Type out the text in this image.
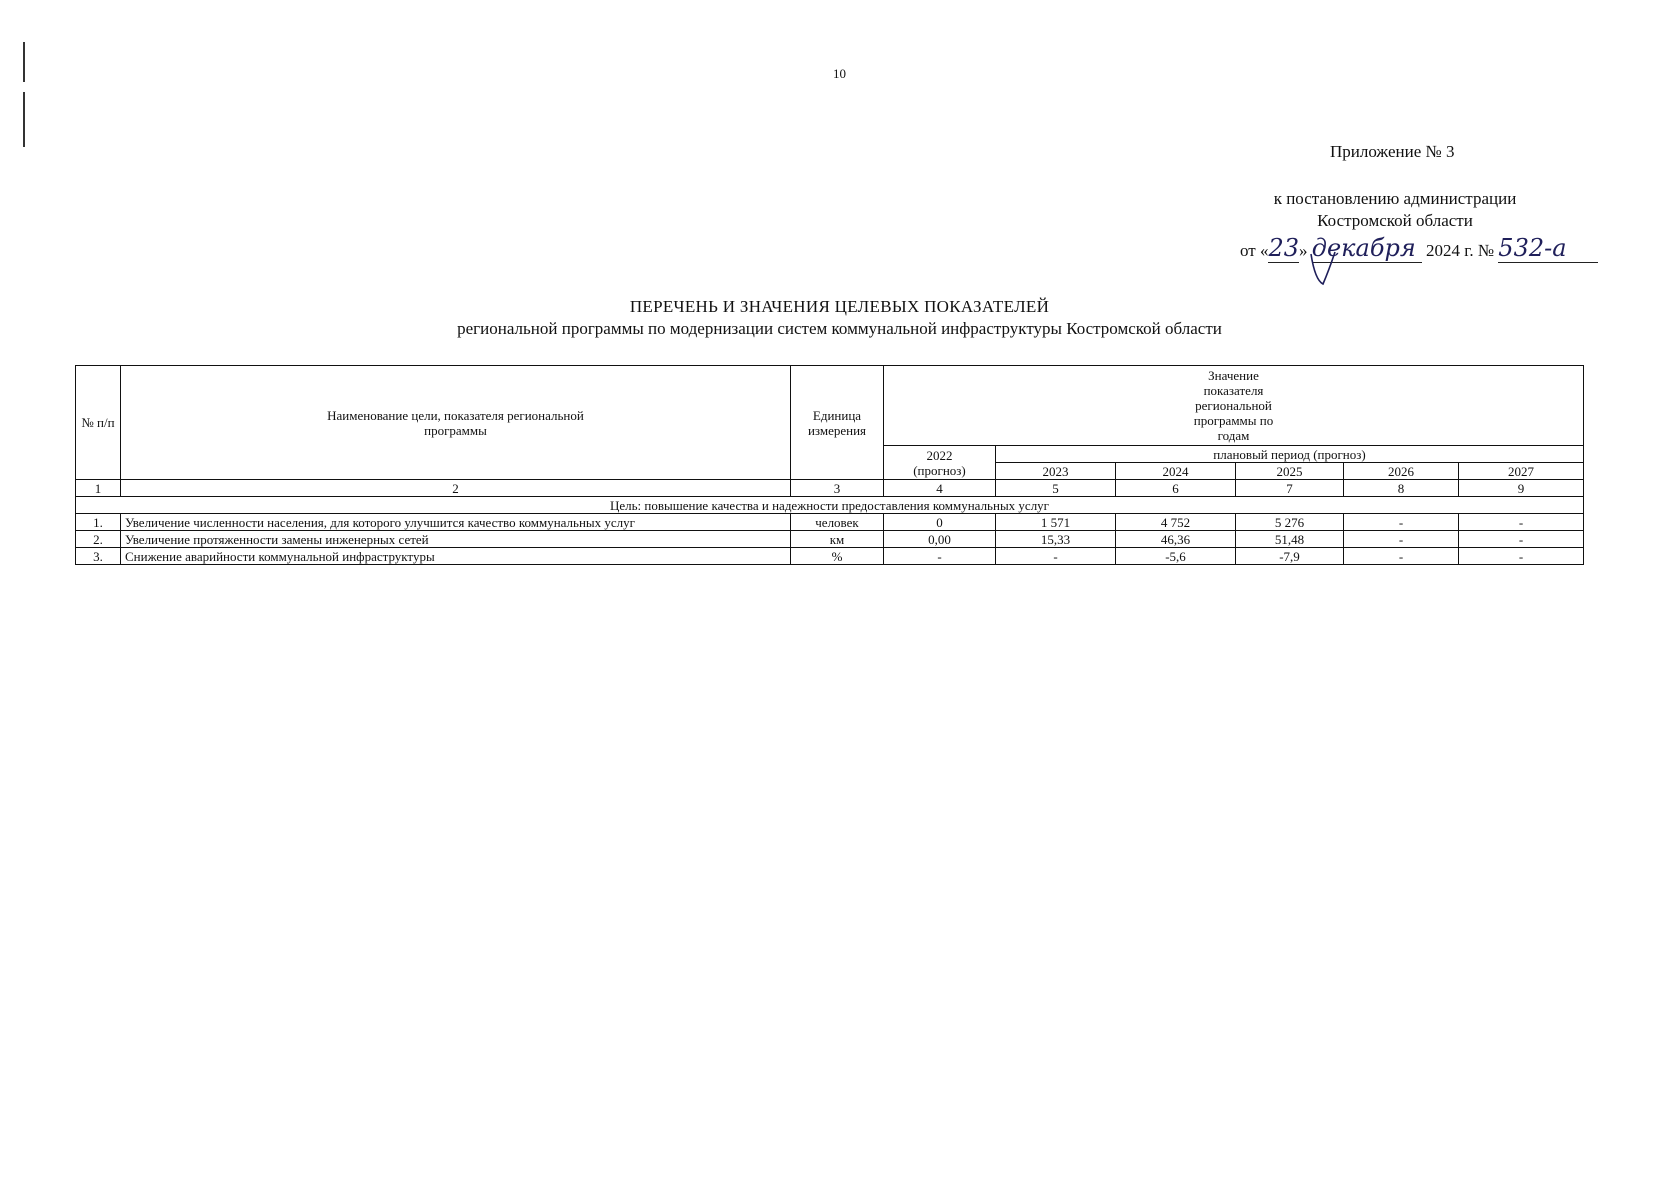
10
Приложение № 3
к постановлению администрации
Костромской области
от «23» декабря 2024 г. № 532-а
ПЕРЕЧЕНЬ И ЗНАЧЕНИЯ ЦЕЛЕВЫХ ПОКАЗАТЕЛЕЙ
региональной программы по модернизации систем коммунальной инфраструктуры Костромской области
№ п/п	Наименование цели, показателя региональной программы	Единица измерения	Значение показателя региональной программы по годам					
			2022 (прогноз)	плановый период (прогноз)				
				2023	2024	2025	2026	2027
1	2	3	4	5	6	7	8	9
Цель: повышение качества и надежности предоставления коммунальных услуг								
1.	Увеличение численности населения, для которого улучшится качество коммунальных услуг	человек	0	1 571	4 752	5 276	-	-
2.	Увеличение протяженности замены инженерных сетей	км	0,00	15,33	46,36	51,48	-	-
3.	Снижение аварийности коммунальной инфраструктуры	%	-	-	-5,6	-7,9	-	-
